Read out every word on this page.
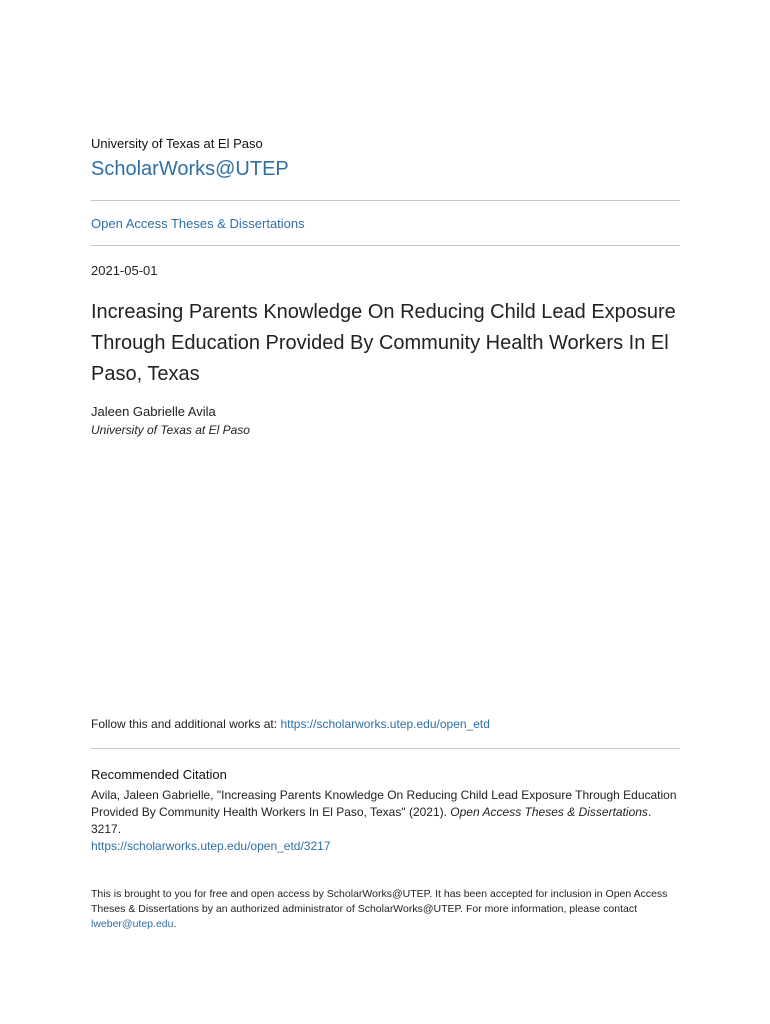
University of Texas at El Paso
ScholarWorks@UTEP
Open Access Theses & Dissertations
2021-05-01
Increasing Parents Knowledge On Reducing Child Lead Exposure Through Education Provided By Community Health Workers In El Paso, Texas
Jaleen Gabrielle Avila
University of Texas at El Paso
Follow this and additional works at: https://scholarworks.utep.edu/open_etd
Recommended Citation
Avila, Jaleen Gabrielle, "Increasing Parents Knowledge On Reducing Child Lead Exposure Through Education Provided By Community Health Workers In El Paso, Texas" (2021). Open Access Theses & Dissertations. 3217.
https://scholarworks.utep.edu/open_etd/3217
This is brought to you for free and open access by ScholarWorks@UTEP. It has been accepted for inclusion in Open Access Theses & Dissertations by an authorized administrator of ScholarWorks@UTEP. For more information, please contact lweber@utep.edu.
